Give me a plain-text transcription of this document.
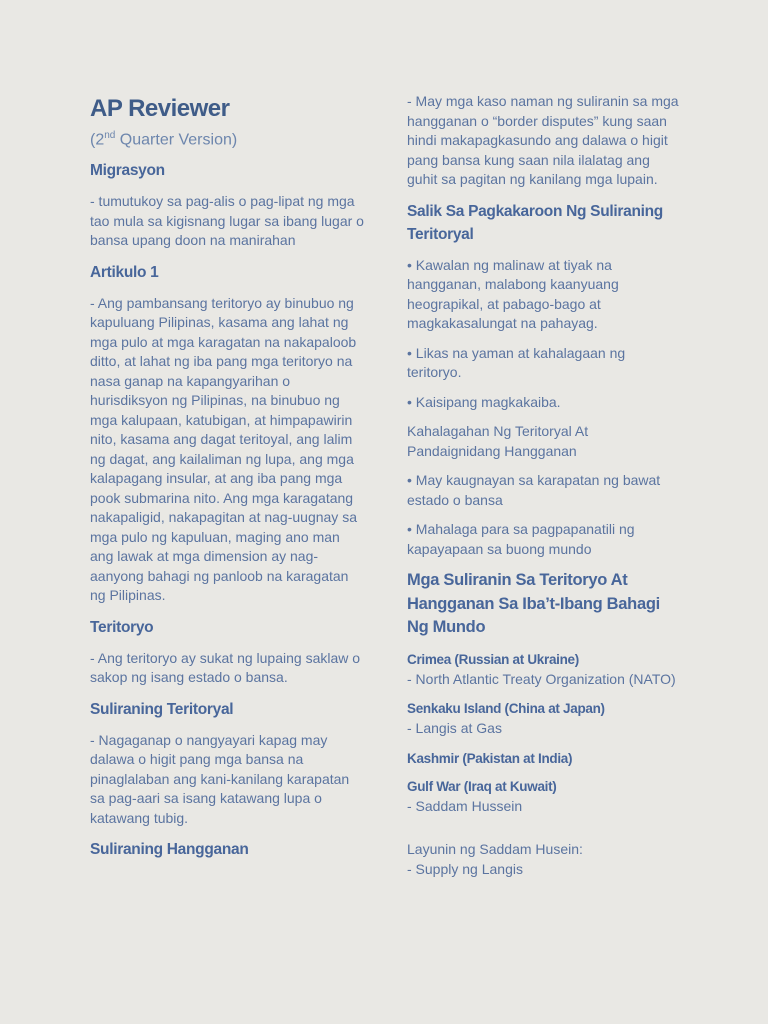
AP Reviewer
(2nd Quarter Version)
Migrasyon

- tumutukoy sa pag-alis o pag-lipat ng mga tao mula sa kigisnang lugar sa ibang lugar o bansa upang doon na manirahan

Artikulo 1

- Ang pambansang teritoryo ay binubuo ng kapuluang Pilipinas, kasama ang lahat ng mga pulo at mga karagatan na nakapaloob ditto, at lahat ng iba pang mga teritoryo na nasa ganap na kapangyarihan o hurisdiksyon ng Pilipinas, na binubuo ng mga kalupaan, katubigan, at himpapawirin nito, kasama ang dagat teritoyal, ang lalim ng dagat, ang kailaliman ng lupa, ang mga kalapagang insular, at ang iba pang mga pook submarina nito. Ang mga karagatang nakapaligid, nakapagitan at nag-uugnay sa mga pulo ng kapuluan, maging ano man ang lawak at mga dimension ay nag-aanyong bahagi ng panloob na karagatan ng Pilipinas.

Teritoryo

- Ang teritoryo ay sukat ng lupaing saklaw o sakop ng isang estado o bansa.

Suliraning Teritoryal

- Nagaganap o nangyayari kapag may dalawa o higit pang mga bansa na pinaglalaban ang kani-kanilang karapatan sa pag-aari sa isang katawang lupa o katawang tubig.

Suliraning Hangganan

- May mga kaso naman ng suliranin sa mga hangganan o “border disputes” kung saan hindi makapagkasundo ang dalawa o higit pang bansa kung saan nila ilalatag ang guhit sa pagitan ng kanilang mga lupain.

Salik Sa Pagkakaroon Ng Suliraning Teritoryal

• Kawalan ng malinaw at tiyak na hangganan, malabong kaanyuang heograpikal, at pabago-bago at magkakasalungat na pahayag.

• Likas na yaman at kahalagaan ng teritoryo.

• Kaisipang magkakaiba.

Kahalagahan Ng Teritoryal At Pandaignidang Hangganan

• May kaugnayan sa karapatan ng bawat estado o bansa

• Mahalaga para sa pagpapanatili ng kapayapaan sa buong mundo

Mga Suliranin Sa Teritoryo At Hangganan Sa Iba’t-Ibang Bahagi Ng Mundo
Crimea (Russian at Ukraine)

- North Atlantic Treaty Organization (NATO)

Senkaku Island (China at Japan)

- Langis at Gas

Kashmir (Pakistan at India)
Gulf War (Iraq at Kuwait)

- Saddam Hussein

Layunin ng Saddam Husein:

- Supply ng Langis
